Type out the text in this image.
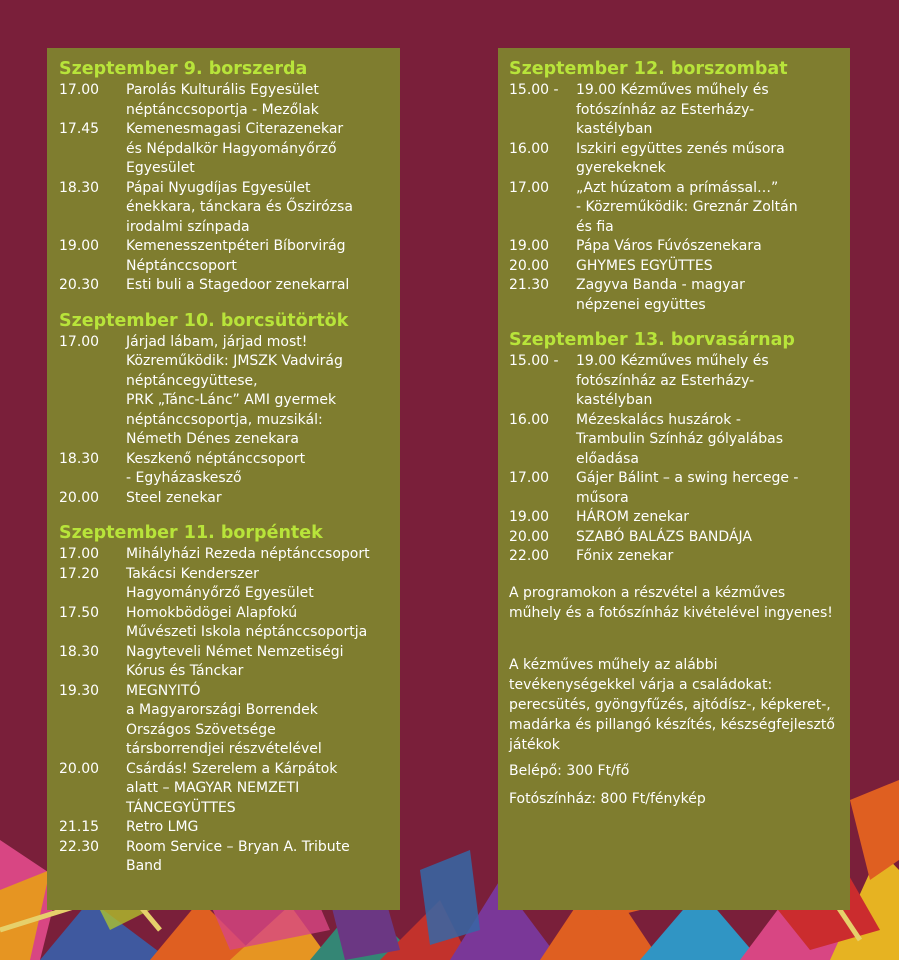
Szeptember 9. borszerda
17.00	Parolás Kulturális Egyesület
néptánccsoportja - Mezőlak
17.45	Kemenesmagasi Citerazenekar
és Népdalkör Hagyományőrző
Egyesület
18.30	Pápai Nyugdíjas Egyesület
énekkara, tánckara és Őszirózsa
irodalmi színpada
19.00	Kemenesszentpéteri Bíborvirág
Néptánccsoport
20.30	Esti buli a Stagedoor zenekarral
Szeptember 10. borcsütörtök
17.00	Járjad lábam, járjad most!
Közreműködik: JMSZK Vadvirág
néptáncegyüttese,
PRK „Tánc-Lánc” AMI gyermek
néptánccsoportja, muzsikál:
Németh Dénes zenekara
18.30	Keszkenő néptánccsoport
- Egyházaskesző
20.00	Steel zenekar
Szeptember 11. borpéntek
17.00	Mihályházi Rezeda néptánccsoport
17.20	Takácsi Kenderszer
Hagyományőrző Egyesület
17.50	Homokbödögei Alapfokú
Művészeti Iskola néptánccsoportja
18.30	Nagyteveli Német Nemzetiségi
Kórus és Tánckar
19.30	MEGNYITÓ
a Magyarországi Borrendek
Országos Szövetsége
társborrendjei részvételével
20.00	Csárdás! Szerelem a Kárpátok
alatt – MAGYAR NEMZETI
TÁNCEGYÜTTES
21.15	Retro LMG
22.30	Room Service – Bryan A. Tribute
Band
Szeptember 12. borszombat
15.00 -	19.00 Kézműves műhely és
fotószínház az Esterházy-
kastélyban
16.00	Iszkiri együttes zenés műsora
gyerekeknek
17.00	„Azt húzatom a prímással…”
- Közreműködik: Greznár Zoltán
és fia
19.00	Pápa Város Fúvószenekara
20.00	GHYMES EGYÜTTES
21.30	Zagyva Banda - magyar
népzenei együttes
Szeptember 13. borvasárnap
15.00 -	19.00 Kézműves műhely és
fotószínház az Esterházy-
kastélyban
16.00	Mézeskalács huszárok -
Trambulin Színház gólyalábas
előadása
17.00	Gájer Bálint – a swing hercege -
műsora
19.00	HÁROM zenekar
20.00	SZABÓ BALÁZS BANDÁJA
22.00	Főnix zenekar
A programokon a részvétel a kézműves műhely és a fotószínház kivételével ingyenes!
A kézműves műhely az alábbi tevékenységekkel várja a családokat: perecsütés, gyöngyfűzés, ajtódísz-, képkeret-, madárka és pillangó készítés, készségfejlesztő játékok
Belépő: 300 Ft/fő
Fotószínház: 800 Ft/fénykép
